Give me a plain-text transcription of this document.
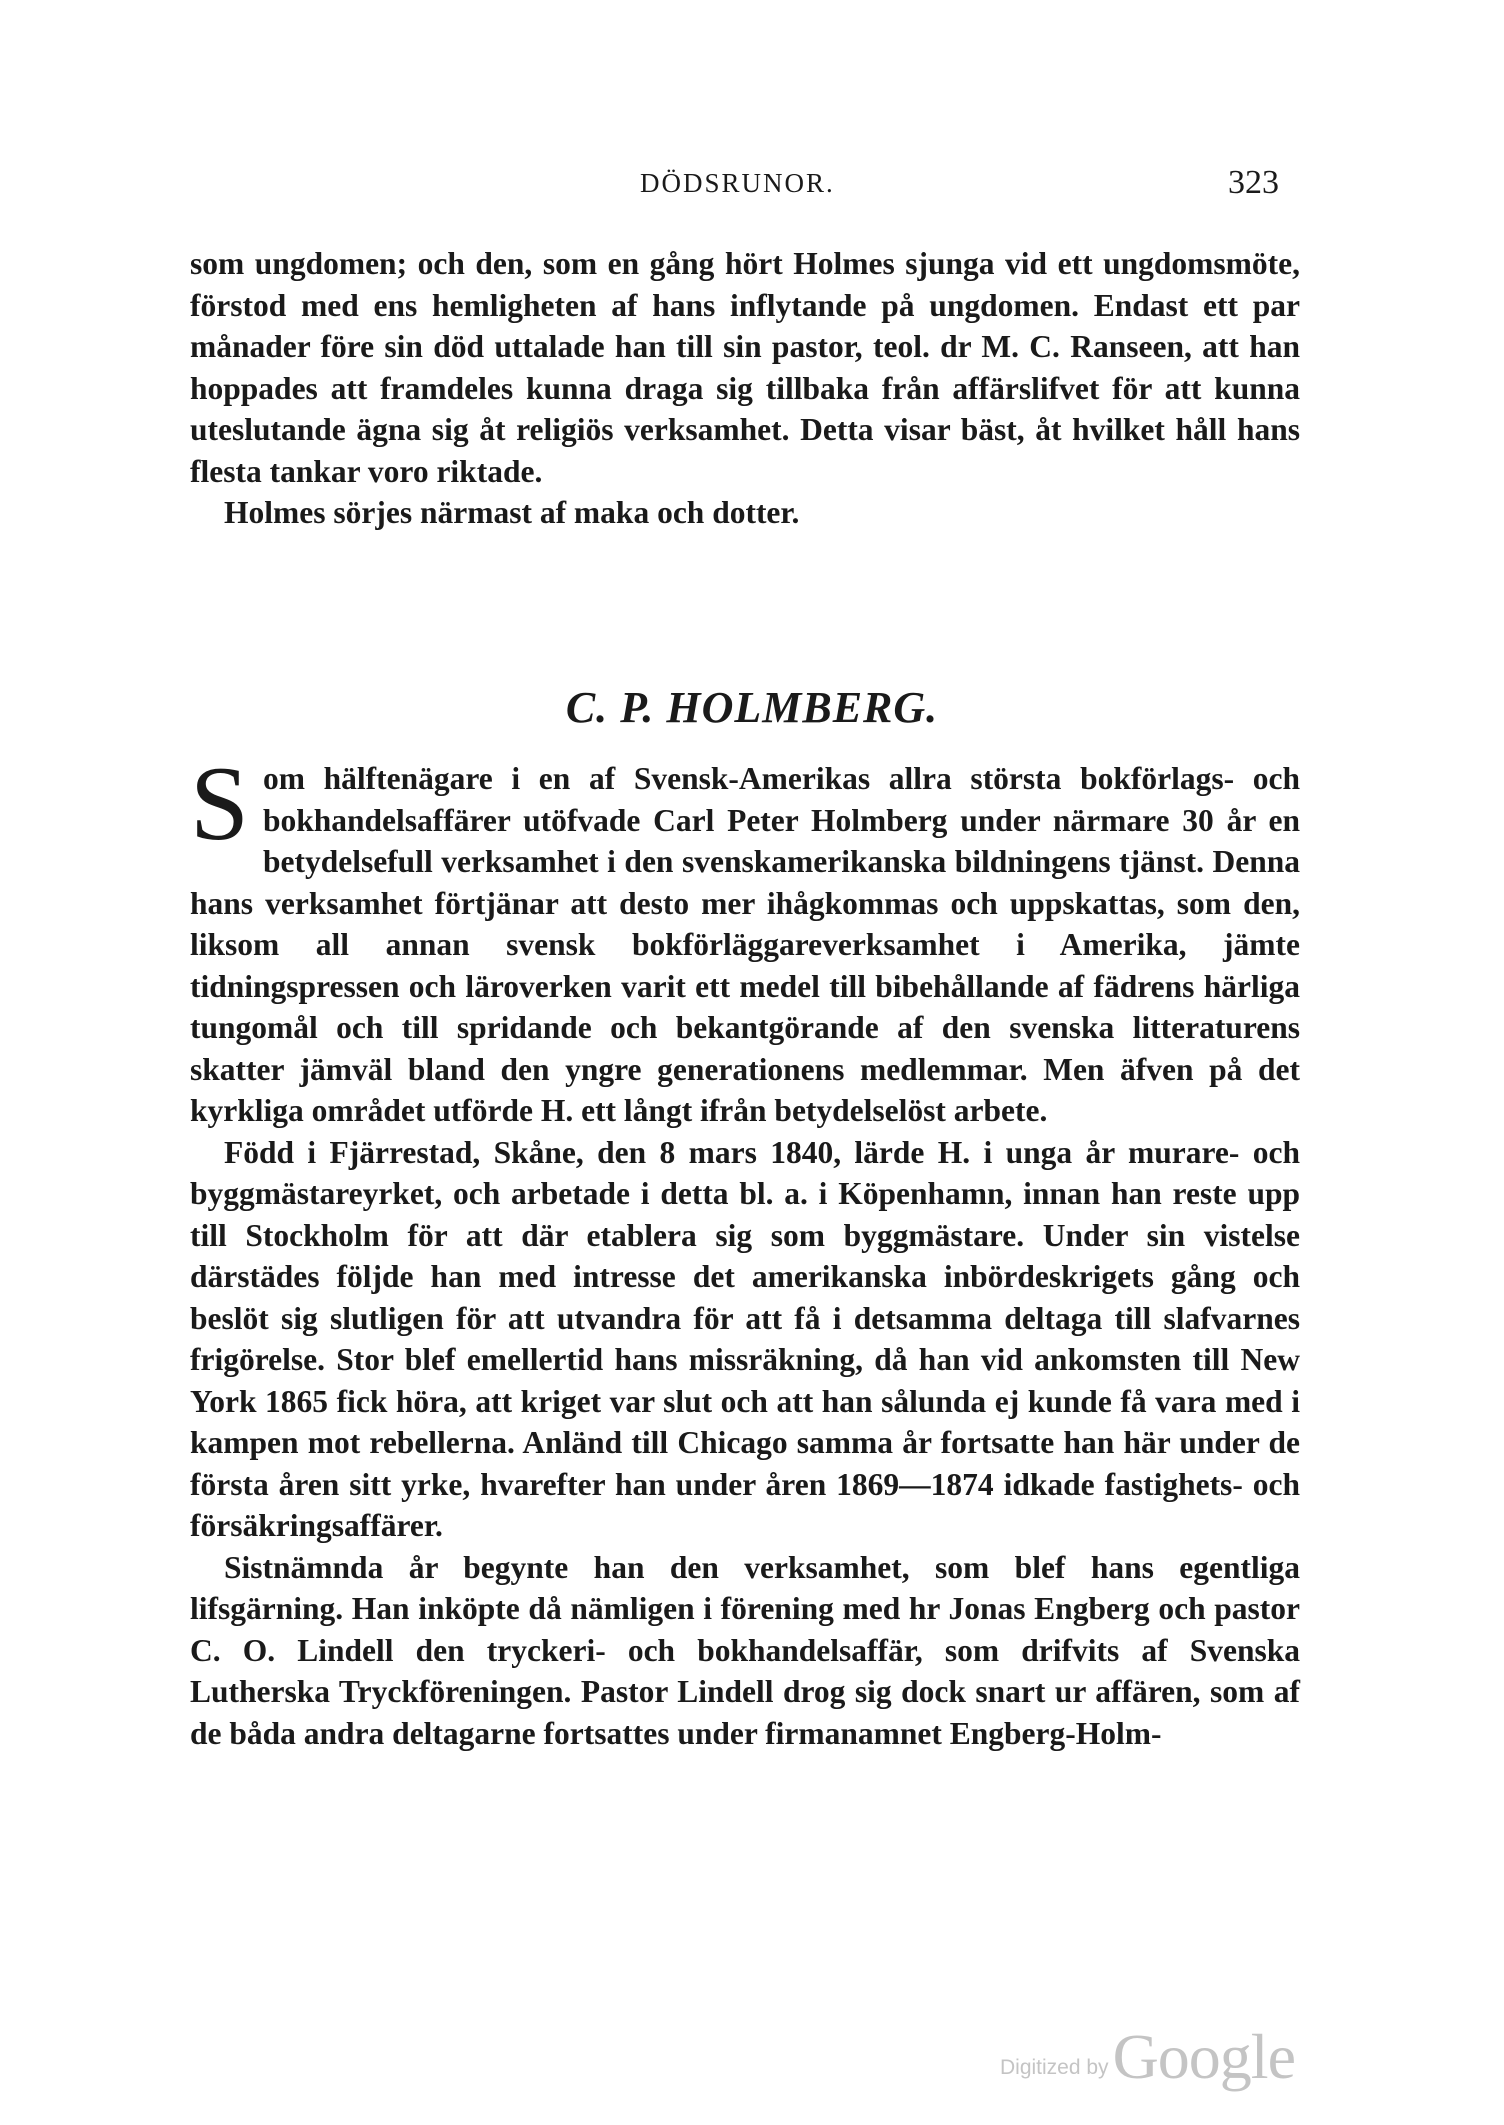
DÖDSRUNOR.	323

som ungdomen; och den, som en gång hört Holmes sjunga vid ett ungdomsmöte, förstod med ens hemligheten af hans inflytande på ungdomen. Endast ett par månader före sin död uttalade han till sin pastor, teol. dr M. C. Ranseen, att han hoppades att framdeles kunna draga sig tillbaka från affärslifvet för att kunna uteslutande ägna sig åt religiös verksamhet. Detta visar bäst, åt hvilket håll hans flesta tankar voro riktade.

Holmes sörjes närmast af maka och dotter.

C. P. HOLMBERG.

Som hälftenägare i en af Svensk-Amerikas allra största bokförlags- och bokhandelsaffärer utöfvade Carl Peter Holmberg under närmare 30 år en betydelsefull verksamhet i den svenskamerikanska bildningens tjänst. Denna hans verksamhet förtjänar att desto mer ihågkommas och uppskattas, som den, liksom all annan svensk bokförläggareverksamhet i Amerika, jämte tidningspressen och läroverken varit ett medel till bibehållande af fädrens härliga tungomål och till spridande och bekantgörande af den svenska litteraturens skatter jämväl bland den yngre generationens medlemmar. Men äfven på det kyrkliga området utförde H. ett långt ifrån betydelselöst arbete.

Född i Fjärrestad, Skåne, den 8 mars 1840, lärde H. i unga år murare- och byggmästareyrket, och arbetade i detta bl. a. i Köpenhamn, innan han reste upp till Stockholm för att där etablera sig som byggmästare. Under sin vistelse därstädes följde han med intresse det amerikanska inbördeskrigets gång och beslöt sig slutligen för att utvandra för att få i detsamma deltaga till slafvarnes frigörelse. Stor blef emellertid hans missräkning, då han vid ankomsten till New York 1865 fick höra, att kriget var slut och att han sålunda ej kunde få vara med i kampen mot rebellerna. Anländ till Chicago samma år fortsatte han här under de första åren sitt yrke, hvarefter han under åren 1869—1874 idkade fastighets- och försäkringsaffärer.

Sistnämnda år begynte han den verksamhet, som blef hans egentliga lifsgärning. Han inköpte då nämligen i förening med hr Jonas Engberg och pastor C. O. Lindell den tryckeri- och bokhandelsaffär, som drifvits af Svenska Lutherska Tryckföreningen. Pastor Lindell drog sig dock snart ur affären, som af de båda andra deltagarne fortsattes under firmanamnet Engberg-Holm-

Digitized by Google
